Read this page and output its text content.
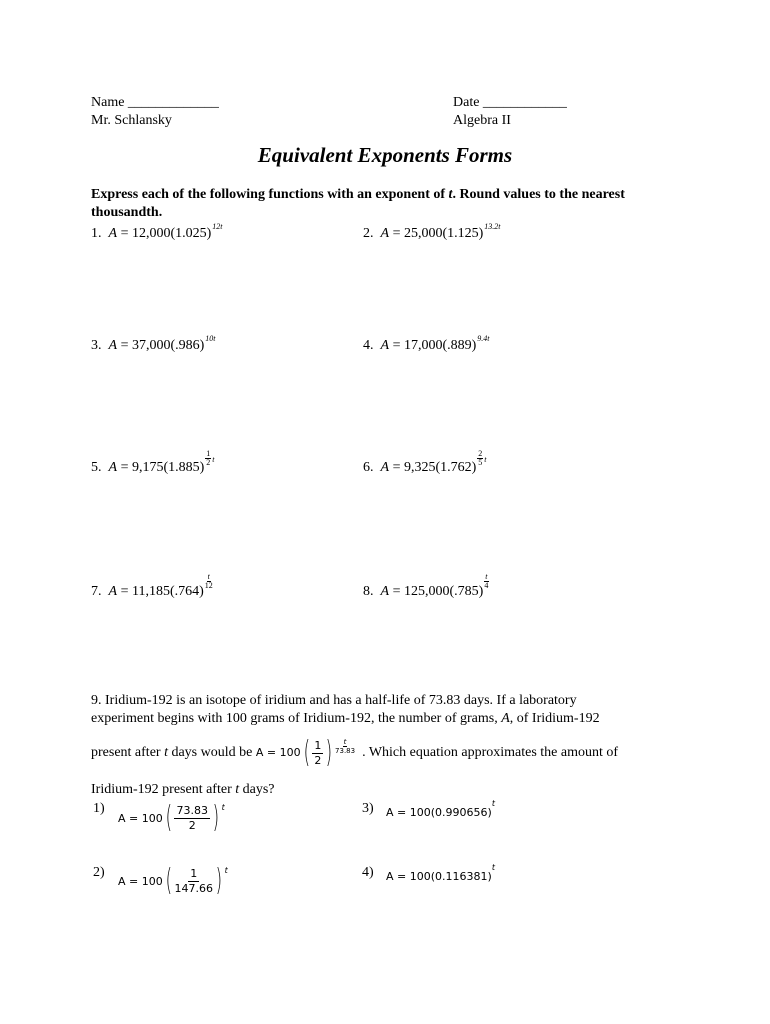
Name _____________
Mr. Schlansky
Date ____________
Algebra II
Equivalent Exponents Forms
Express each of the following functions with an exponent of t. Round values to the nearest thousandth.
1. $A = 12,000(1.025)^{12t}$	2. $A = 25,000(1.125)^{13.2t}$
3. $A = 37,000(.986)^{10t}$	4. $A = 17,000(.889)^{9.4t}$
5. A = 9,175(1.885)
$\frac{1}{2} ^t$
6. A = 9,325(1.762)
$\frac{2}{5} ^t$
7. A = 11,185(.764)
$\frac{t}{12}$
8. A = 125,000(.785)
$\frac{t}{4}$
9. Iridium-192 is an isotope of iridium and has a half-life of 73.83 days. If a laboratory
experiment begins with 100 grams of Iridium-192, the number of grams, A, of Iridium-192
present after
t
days would be
A = 100 ( $\frac{1}{2}$ ) $\frac{t}{73.83}$
. Which equation approximates the amount of
Iridium-192 present after t days?
1)
A = 100 ( $\frac{73.83}{2}$ ) t
2)
A = 100 ( $\frac{1}{147.66}$ ) t
3) $A = 100(0.990656)^t$
4) $A = 100(0.116381)^t$
